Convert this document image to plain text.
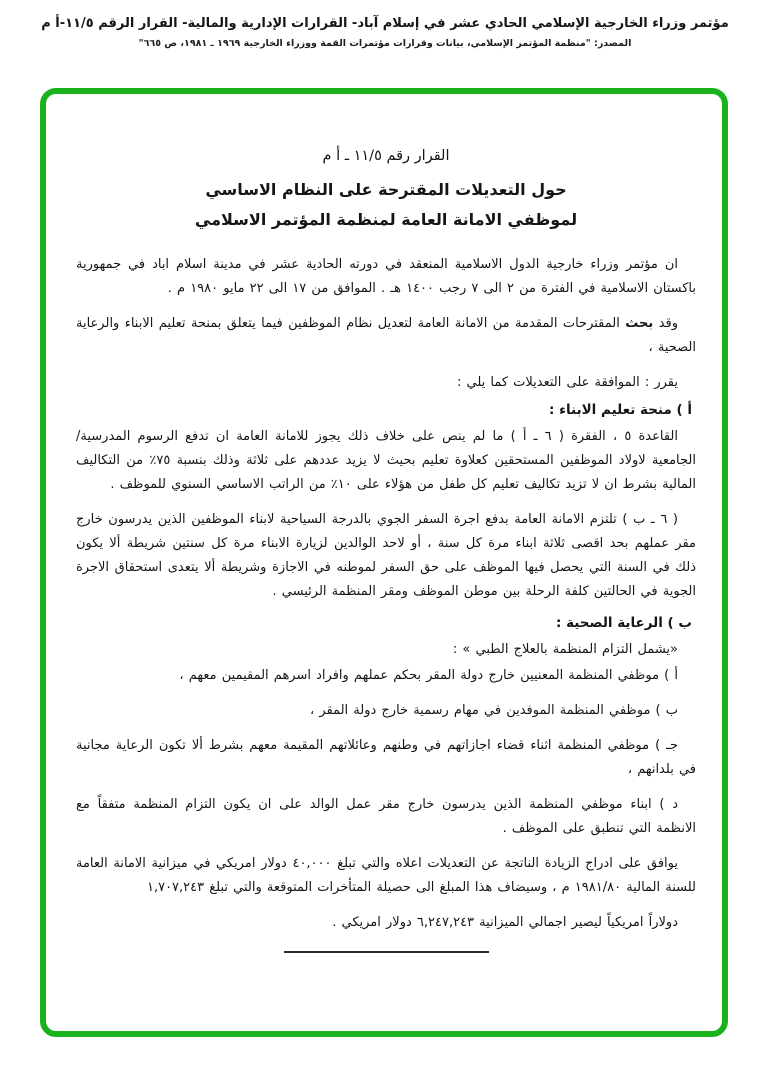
مؤتمر وزراء الخارجية الإسلامي الحادي عشر في إسلام آباد- القرارات الإدارية والمالية- القرار الرقم ١١/٥-أ م
المصدر: "منظمة المؤتمر الإسلامي، بيانات وقرارات مؤتمرات القمة ووزراء الخارجية ١٩٦٩ ـ ١٩٨١، ص ٦٦٥"

القرار رقم ١١/٥ ـ أ م

حول التعديلات المقترحة على النظام الاساسي

لموظفي الامانة العامة لمنظمة المؤتمر الاسلامي

ان مؤتمر وزراء خارجية الدول الاسلامية المنعقد في دورته الحادية عشر في مدينة اسلام اباد في جمهورية باكستان الاسلامية في الفترة من ٢ الى ٧ رجب ١٤٠٠ هـ . الموافق من ١٧ الى ٢٢ مايو ١٩٨٠ م .

وقد بحث المقترحات المقدمة من الامانة العامة لتعديل نظام الموظفين فيما يتعلق بمنحة تعليم الابناء والرعاية الصحية ،

يقرر : الموافقة على التعديلات كما يلي :

أ ) منحة تعليم الابناء :

القاعدة ٥ ، الفقرة ( ٦ ـ أ ) ما لم ينص على خلاف ذلك يجوز للامانة العامة ان تدفع الرسوم المدرسية/ الجامعية لاولاد الموظفين المستحقين كعلاوة تعليم بحيث لا يزيد عددهم على ثلاثة وذلك بنسبة ٧٥٪ من التكاليف المالية بشرط ان لا تزيد تكاليف تعليم كل طفل من هؤلاء على ١٠٪ من الراتب الاساسي السنوي للموظف .

( ٦ ـ ب ) تلتزم الامانة العامة بدفع اجرة السفر الجوي بالدرجة السياحية لابناء الموظفين الذين يدرسون خارج مقر عملهم بحد اقصى ثلاثة ابناء مرة كل سنة ، أو لاحد الوالدين لزيارة الابناء مرة كل سنتين شريطة ألا يكون ذلك في السنة التي يحصل فيها الموظف على حق السفر لموطنه في الاجازة وشريطة ألا يتعدى استحقاق الاجرة الجوية في الحالتين كلفة الرحلة بين موطن الموظف ومقر المنظمة الرئيسي .

ب ) الرعاية الصحية :

«يشمل التزام المنظمة بالعلاج الطبي » :

أ ) موظفي المنظمة المعنيين خارج دولة المقر بحكم عملهم وافراد اسرهم المقيمين معهم ،

ب ) موظفي المنظمة الموفدين في مهام رسمية خارج دولة المقر ،

جـ ) موظفي المنظمة اثناء قضاء اجازاتهم في وطنهم وعائلاتهم المقيمة معهم بشرط ألا تكون الرعاية مجانية في بلدانهم ،

د ) ابناء موظفي المنظمة الذين يدرسون خارج مقر عمل الوالد على ان يكون التزام المنظمة متفقاً مع الانظمة التي تنطبق على الموظف .

يوافق على ادراج الزيادة الناتجة عن التعديلات اعلاه والتي تبلغ ٤٠,٠٠٠ دولار امريكي في ميزانية الامانة العامة للسنة المالية ١٩٨١/٨٠ م ، وسيضاف هذا المبلغ الى حصيلة المتأخرات المتوقعة والتي تبلغ ١,٧٠٧,٢٤٣

دولاراً امريكياً ليصير اجمالي الميزانية ٦,٢٤٧,٢٤٣ دولار امريكي .
